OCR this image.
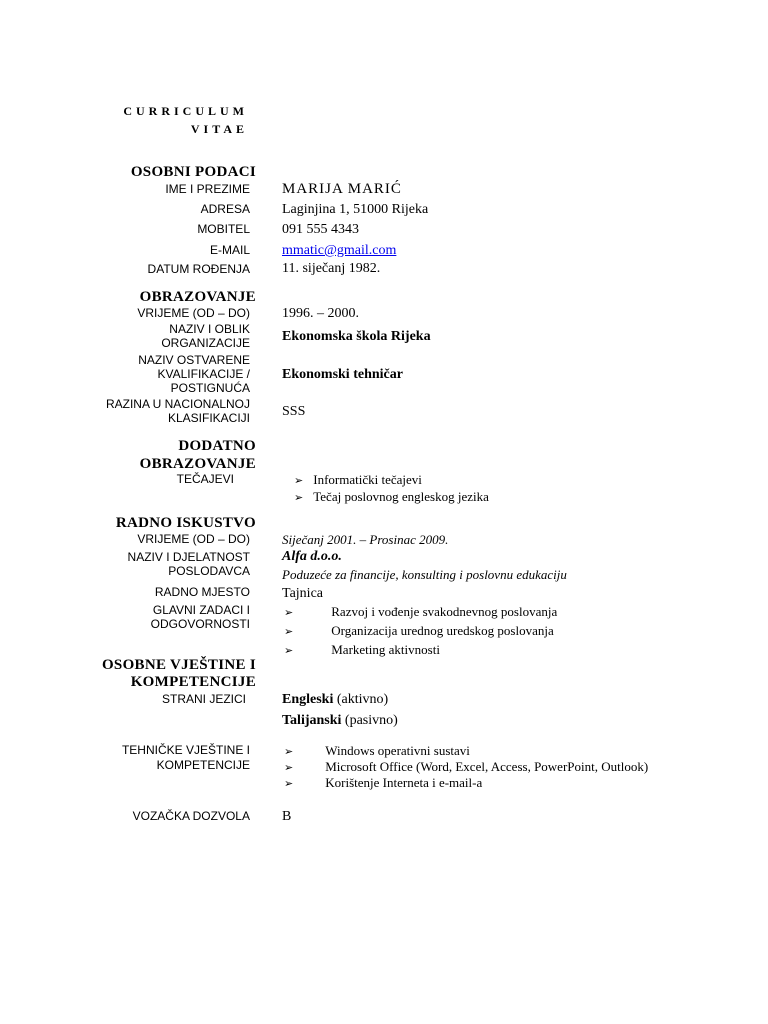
CURRICULUM
VITAE
OSOBNI PODACI
IME I PREZIME MARIJA MARIĆ
ADRESA Laginjina 1, 51000 Rijeka
MOBITEL 091 555 4343
E-MAIL mmatic@gmail.com
DATUM ROĐENJA 11. siječanj 1982.
OBRAZOVANJE
VRIJEME (OD – DO) 1996. – 2000.
NAZIV I OBLIK
ORGANIZACIJE Ekonomska škola Rijeka
NAZIV OSTVARENE
KVALIFIKACIJE /
POSTIGNUĆA
Ekonomski tehničar
RAZINA U NACIONALNOJ
KLASIFIKACIJI SSS
DODATNO
OBRAZOVANJE
TEČAJEVI	➢ Informatički tečajevi
➢ Tečaj poslovnog engleskog jezika
RADNO ISKUSTVO
VRIJEME (OD – DO) Siječanj 2001. – Prosinac 2009.
NAZIV I DJELATNOST
POSLODAVCA
Alfa d.o.o.
Poduzeće za financije, konsulting i poslovnu edukaciju
RADNO MJESTO Tajnica
GLAVNI ZADACI I
ODGOVORNOSTI
➢	Razvoj i vođenje svakodnevnog poslovanja
➢	Organizacija urednog uredskog poslovanja
➢	Marketing aktivnosti
OSOBNE VJEŠTINE I
KOMPETENCIJE
STRANI JEZICI	Engleski (aktivno)
Talijanski (pasivno)
TEHNIČKE VJEŠTINE I
KOMPETENCIJE
➢ Windows operativni sustavi
➢ Microsoft Office (Word, Excel, Access, PowerPoint, Outlook)
➢ Korištenje Interneta i e-mail-a
VOZAČKA DOZVOLA B
